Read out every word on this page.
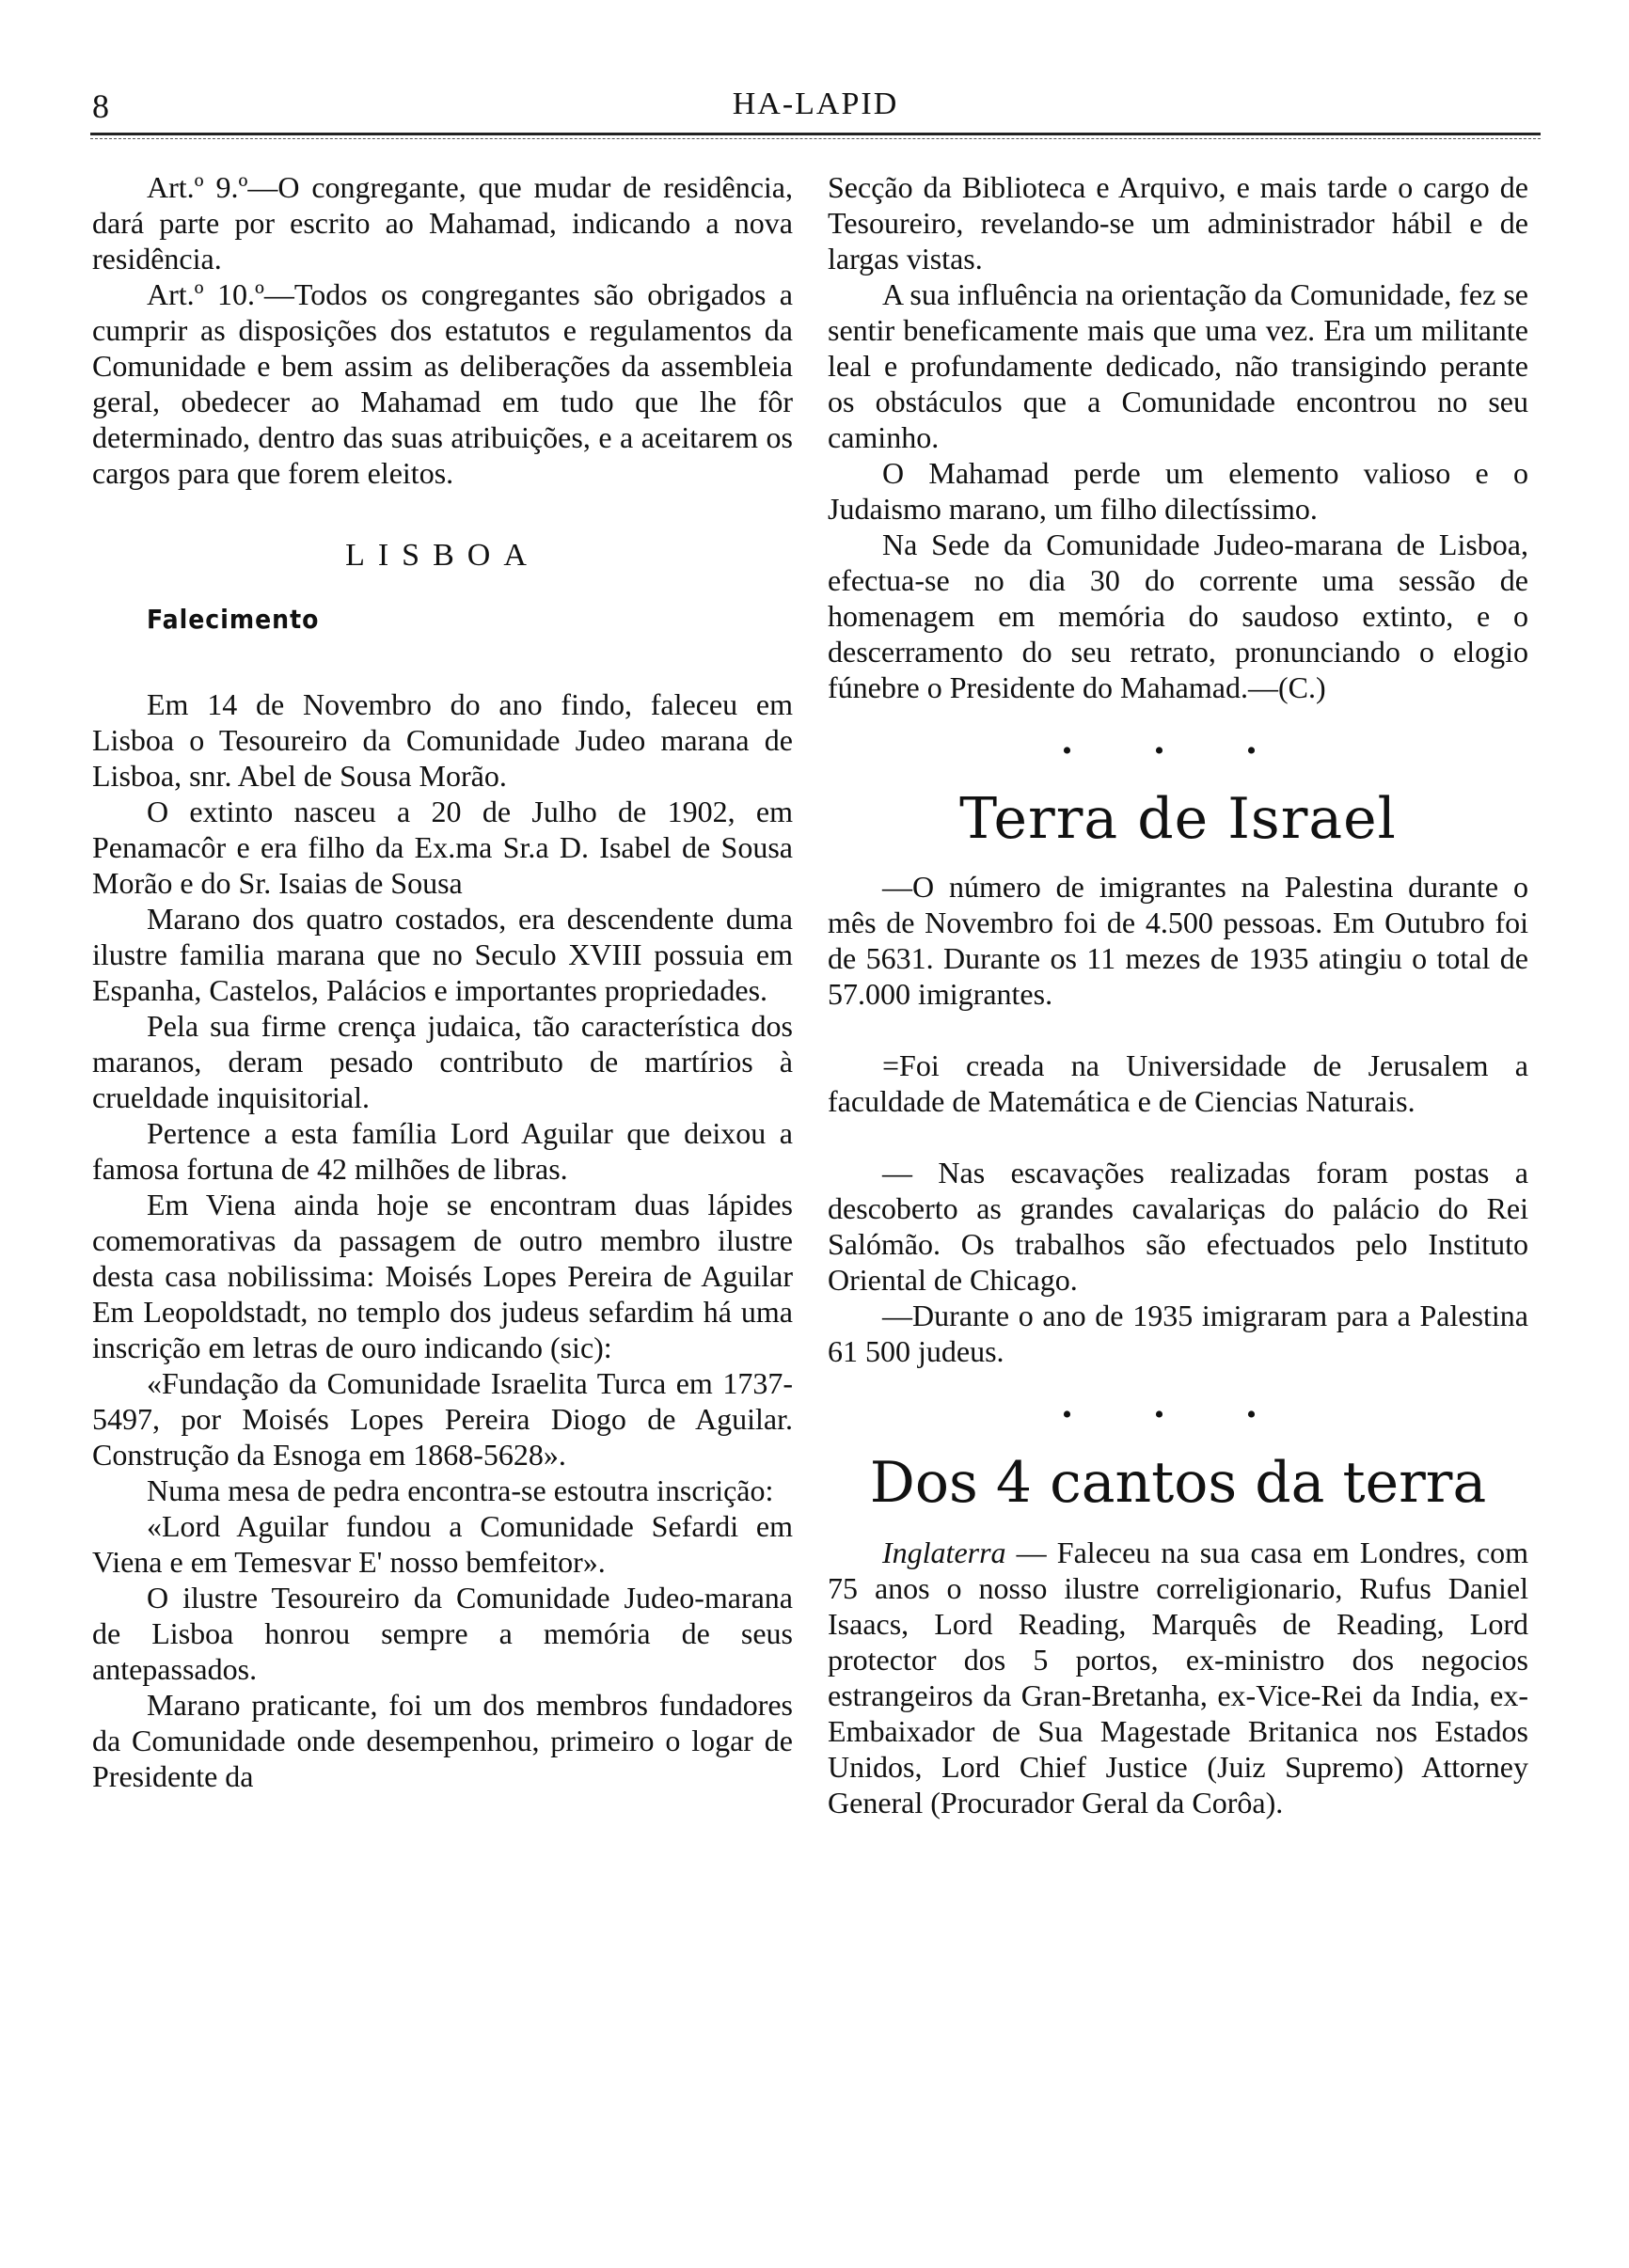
8	HA-LAPID

Art.º 9.º—O congregante, que mudar de residência, dará parte por escrito ao Mahamad, indicando a nova residência.

Art.º 10.º—Todos os congregantes são obrigados a cumprir as disposições dos estatutos e regulamentos da Comunidade e bem assim as deliberações da assembleia geral, obedecer ao Mahamad em tudo que lhe fôr determinado, dentro das suas atribuições, e a aceitarem os cargos para que forem eleitos.

LISBOA
Falecimento

Em 14 de Novembro do ano findo, faleceu em Lisboa o Tesoureiro da Comunidade Judeo marana de Lisboa, snr. Abel de Sousa Morão.

O extinto nasceu a 20 de Julho de 1902, em Penamacôr e era filho da Ex.ma Sr.a D. Isabel de Sousa Morão e do Sr. Isaias de Sousa

Marano dos quatro costados, era descendente duma ilustre familia marana que no Seculo XVIII possuia em Espanha, Castelos, Palácios e importantes propriedades.

Pela sua firme crença judaica, tão característica dos maranos, deram pesado contributo de martírios à crueldade inquisitorial.

Pertence a esta família Lord Aguilar que deixou a famosa fortuna de 42 milhões de libras.

Em Viena ainda hoje se encontram duas lápides comemorativas da passagem de outro membro ilustre desta casa nobilissima: Moisés Lopes Pereira de Aguilar Em Leopoldstadt, no templo dos judeus sefardim há uma inscrição em letras de ouro indicando (sic):

«Fundação da Comunidade Israelita Turca em 1737-5497, por Moisés Lopes Pereira Diogo de Aguilar. Construção da Esnoga em 1868-5628».

Numa mesa de pedra encontra-se estoutra inscrição:

«Lord Aguilar fundou a Comunidade Sefardi em Viena e em Temesvar E' nosso bemfeitor».

O ilustre Tesoureiro da Comunidade Judeo-marana de Lisboa honrou sempre a memória de seus antepassados.

Marano praticante, foi um dos membros fundadores da Comunidade onde desempenhou, primeiro o logar de Presidente da

Secção da Biblioteca e Arquivo, e mais tarde o cargo de Tesoureiro, revelando-se um administrador hábil e de largas vistas.

A sua influência na orientação da Comunidade, fez se sentir beneficamente mais que uma vez. Era um militante leal e profundamente dedicado, não transigindo perante os obstáculos que a Comunidade encontrou no seu caminho.

O Mahamad perde um elemento valioso e o Judaismo marano, um filho dilectíssimo.

Na Sede da Comunidade Judeo-marana de Lisboa, efectua-se no dia 30 do corrente uma sessão de homenagem em memória do saudoso extinto, e o descerramento do seu retrato, pronunciando o elogio fúnebre o Presidente do Mahamad.—(C.)

• • •
Terra de Israel

—O número de imigrantes na Palestina durante o mês de Novembro foi de 4.500 pessoas. Em Outubro foi de 5631. Durante os 11 mezes de 1935 atingiu o total de 57.000 imigrantes.

=Foi creada na Universidade de Jerusalem a faculdade de Matemática e de Ciencias Naturais.

— Nas escavações realizadas foram postas a descoberto as grandes cavalariças do palácio do Rei Salómão. Os trabalhos são efectuados pelo Instituto Oriental de Chicago.

—Durante o ano de 1935 imigraram para a Palestina 61 500 judeus.

• • •
Dos 4 cantos da terra

Inglaterra — Faleceu na sua casa em Londres, com 75 anos o nosso ilustre correligionario, Rufus Daniel Isaacs, Lord Reading, Marquês de Reading, Lord protector dos 5 portos, ex-ministro dos negocios estrangeiros da Gran-Bretanha, ex-Vice-Rei da India, ex-Embaixador de Sua Magestade Britanica nos Estados Unidos, Lord Chief Justice (Juiz Supremo) Attorney General (Procurador Geral da Corôa).
